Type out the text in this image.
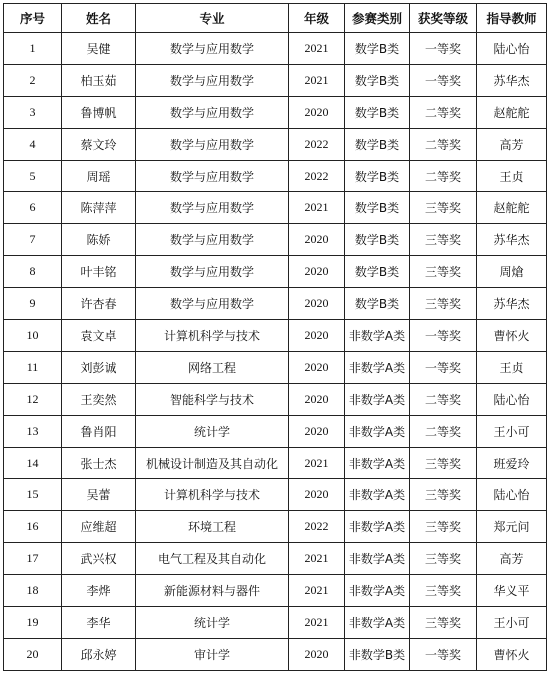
序号	姓名	专业	年级	参赛类别	获奖等级	指导教师
1	吴健	数学与应用数学	2021	数学B类	一等奖	陆心怡
2	柏玉茹	数学与应用数学	2021	数学B类	一等奖	苏华杰
3	鲁博帆	数学与应用数学	2020	数学B类	二等奖	赵舵舵
4	蔡文玲	数学与应用数学	2022	数学B类	二等奖	高芳
5	周瑶	数学与应用数学	2022	数学B类	二等奖	王贞
6	陈萍萍	数学与应用数学	2021	数学B类	三等奖	赵舵舵
7	陈娇	数学与应用数学	2020	数学B类	三等奖	苏华杰
8	叶丰铭	数学与应用数学	2020	数学B类	三等奖	周熗
9	许杏春	数学与应用数学	2020	数学B类	三等奖	苏华杰
10	袁文卓	计算机科学与技术	2020	非数学A类	一等奖	曹怀火
11	刘彭诚	网络工程	2020	非数学A类	一等奖	王贞
12	王奕然	智能科学与技术	2020	非数学A类	二等奖	陆心怡
13	鲁肖阳	统计学	2020	非数学A类	二等奖	王小可
14	张士杰	机械设计制造及其自动化	2021	非数学A类	三等奖	班爱玲
15	吴蕾	计算机科学与技术	2020	非数学A类	三等奖	陆心怡
16	应维超	环境工程	2022	非数学A类	三等奖	郑元问
17	武兴权	电气工程及其自动化	2021	非数学A类	三等奖	高芳
18	李烨	新能源材料与器件	2021	非数学A类	三等奖	华义平
19	李华	统计学	2021	非数学A类	三等奖	王小可
20	邱永婷	审计学	2020	非数学B类	一等奖	曹怀火
